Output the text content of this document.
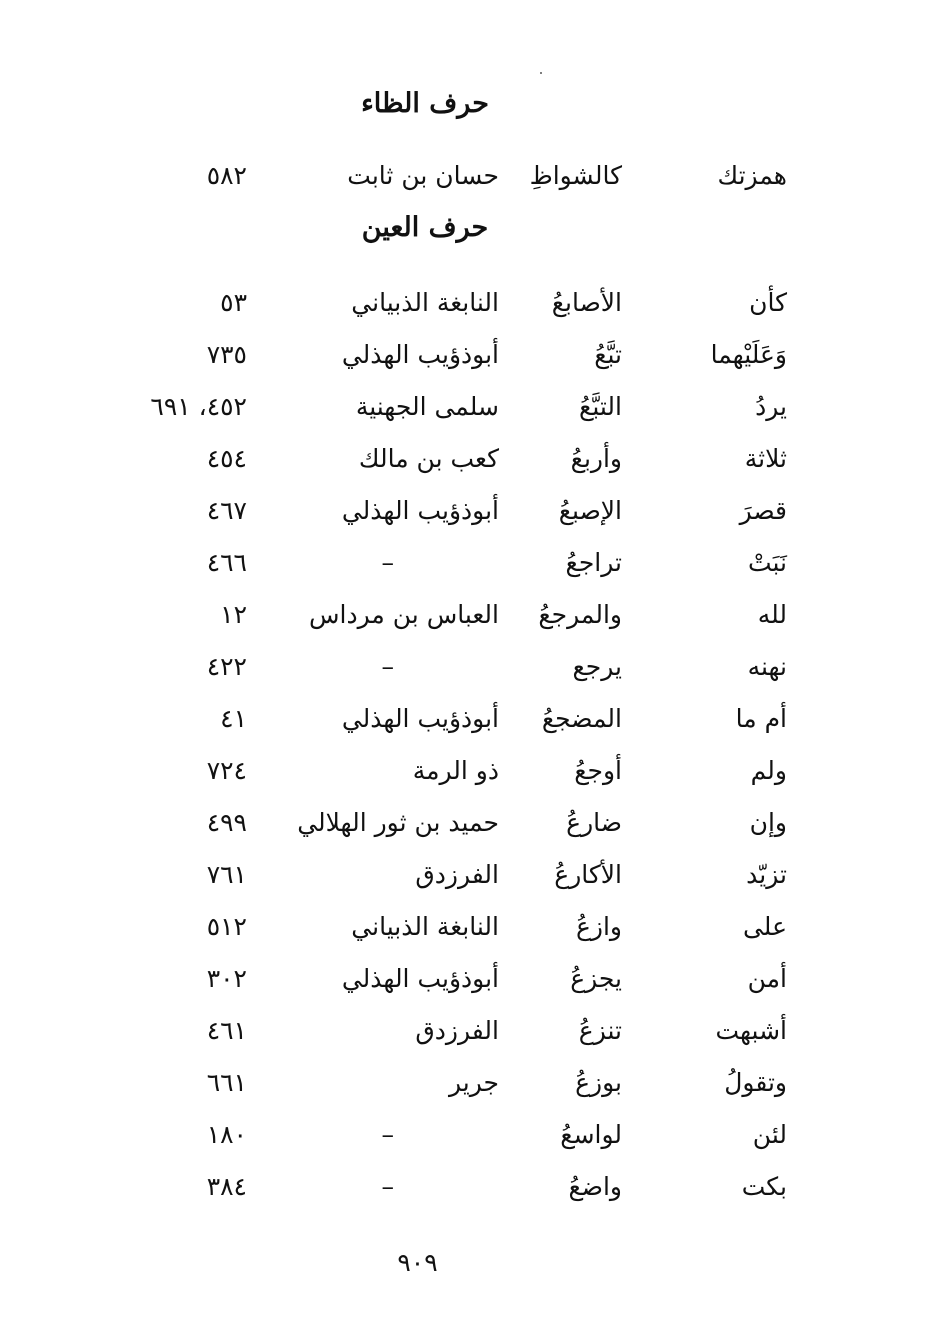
حرف الظاء
همزتك
كالشواظِ
حسان بن ثابت
٥٨٢
حرف العين
كأن
الأصابعُ
النابغة الذبياني
٥٣
وَعَلَيْهما
تبَّعُ
أبوذؤيب الهذلي
٧٣٥
يردُ
التبَّعُ
سلمى الجهنية
٤٥٢، ٦٩١
ثلاثة
وأربعُ
كعب بن مالك
٤٥٤
قصرَ
الإصبعُ
أبوذؤيب الهذلي
٤٦٧
نَبَتْ
تراجعُ
–
٤٦٦
لله
والمرجعُ
العباس بن مرداس
١٢
نهنه
يرجع
–
٤٢٢
أم ما
المضجعُ
أبوذؤيب الهذلي
٤١
ولم
أوجعُ
ذو الرمة
٧٢٤
وإن
ضارعُ
حميد بن ثور الهلالي
٤٩٩
تزيّد
الأكارعُ
الفرزدق
٧٦١
على
وازعُ
النابغة الذبياني
٥١٢
أمن
يجزعُ
أبوذؤيب الهذلي
٣٠٢
أشبهت
تنزعُ
الفرزدق
٤٦١
وتقولُ
بوزعُ
جرير
٦٦١
لئن
لواسعُ
–
١٨٠
بكت
واضعُ
–
٣٨٤
٩٠٩
